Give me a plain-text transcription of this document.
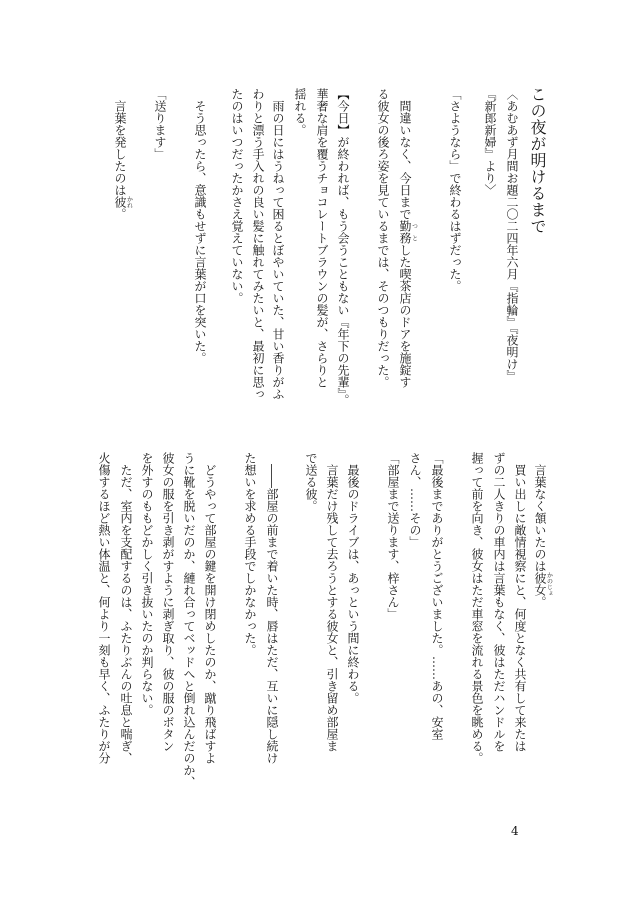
この夜が明けるまで
〈あむあず月間お題二〇二四年六月『指輪』『夜明け』
『新郎新婦』より〉
「さようなら」で終わるはずだった。
間違いなく、今日まで勤務つとした喫茶店のドアを施錠す
る彼女の後ろ姿を見ているまでは、そのつもりだった。
【今日】が終われば、もう会うこともない『年下の先輩』。
華奢な肩を覆うチョコレートブラウンの髪が、さらりと
揺れる。
雨の日にはうねって困るとぼやいていた、甘い香りがふ
わりと漂う手入れの良い髪に触れてみたいと、最初に思っ
たのはいつだったかさえ覚えていない。
そう思ったら、意識もせずに言葉が口を突いた。
「送ります」
言葉を発したのは彼かれ。
言葉なく頷いたのは彼女かのじょ。
買い出しに敵情視察にと、何度となく共有して来たは
ずの二人きりの車内は言葉もなく、彼はただハンドルを
握って前を向き、彼女はただ車窓を流れる景色を眺める。
「最後までありがとうございました。……あの、安室
さん、……その」
「部屋まで送ります、梓さん」
最後のドライブは、あっという間に終わる。
言葉だけ残して去ろうとする彼女と、引き留め部屋ま
で送る彼。
――部屋の前まで着いた時、唇はただ、互いに隠し続け
た想いを求める手段でしかなかった。
どうやって部屋の鍵を開け閉めしたのか、蹴り飛ばすよ
うに靴を脱いだのか、縺れ合ってベッドへと倒れ込んだのか、
彼女の服を引き剥がすように剥ぎ取り、彼の服のボタン
を外すのももどかしく引き抜いたのか判らない。
ただ、室内を支配するのは、ふたりぶんの吐息と喘ぎ、
火傷するほど熱い体温と、何より一刻も早く、ふたりが分
4
